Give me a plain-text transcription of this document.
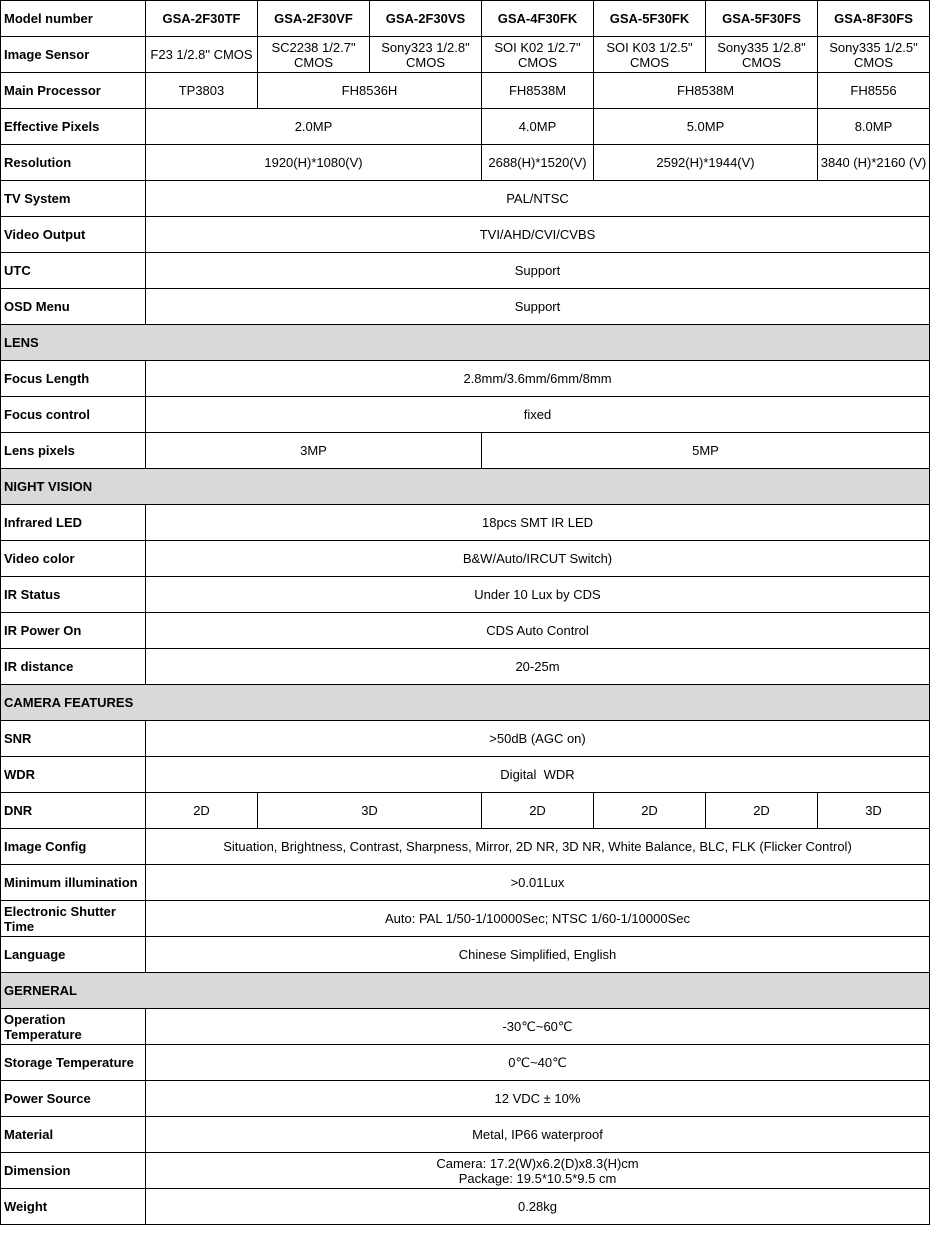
Model number	GSA-2F30TF	GSA-2F30VF	GSA-2F30VS	GSA-4F30FK	GSA-5F30FK	GSA-5F30FS	GSA-8F30FS
Image Sensor	F23 1/2.8" CMOS	SC2238 1/2.7" CMOS	Sony323 1/2.8" CMOS	SOI K02 1/2.7" CMOS	SOI K03 1/2.5" CMOS	Sony335 1/2.8" CMOS	Sony335 1/2.5" CMOS
Main Processor	TP3803	FH8536H		FH8538M	FH8538M		FH8556
Effective Pixels	2.0MP			4.0MP	5.0MP		8.0MP
Resolution	1920(H)*1080(V)			2688(H)*1520(V)	2592(H)*1944(V)		3840 (H)*2160 (V)
TV System	PAL/NTSC						
Video Output	TVI/AHD/CVI/CVBS						
UTC	Support						
OSD Menu	Support						
LENS							
Focus Length	2.8mm/3.6mm/6mm/8mm						
Focus control	fixed						
Lens pixels	3MP			5MP			
NIGHT VISION							
Infrared LED	18pcs SMT IR LED						
Video color	B&W/Auto/IRCUT Switch)						
IR Status	Under 10 Lux by CDS						
IR Power On	CDS Auto Control						
IR distance	20-25m						
CAMERA FEATURES							
SNR	>50dB (AGC on)						
WDR	Digital  WDR						
DNR	2D	3D		2D	2D	2D	3D
Image Config	Situation, Brightness, Contrast, Sharpness, Mirror, 2D NR, 3D NR, White Balance, BLC, FLK (Flicker Control)						
Minimum illumination	>0.01Lux						
Electronic Shutter Time	Auto: PAL 1/50-1/10000Sec; NTSC 1/60-1/10000Sec						
Language	Chinese Simplified, English						
GERNERAL							
Operation Temperature	-30℃~60℃						
Storage Temperature	0℃~40℃						
Power Source	12 VDC ± 10%						
Material	Metal, IP66 waterproof						
Dimension	Camera: 17.2(W)x6.2(D)x8.3(H)cm
Package: 19.5*10.5*9.5 cm						

Weight	0.28kg						
